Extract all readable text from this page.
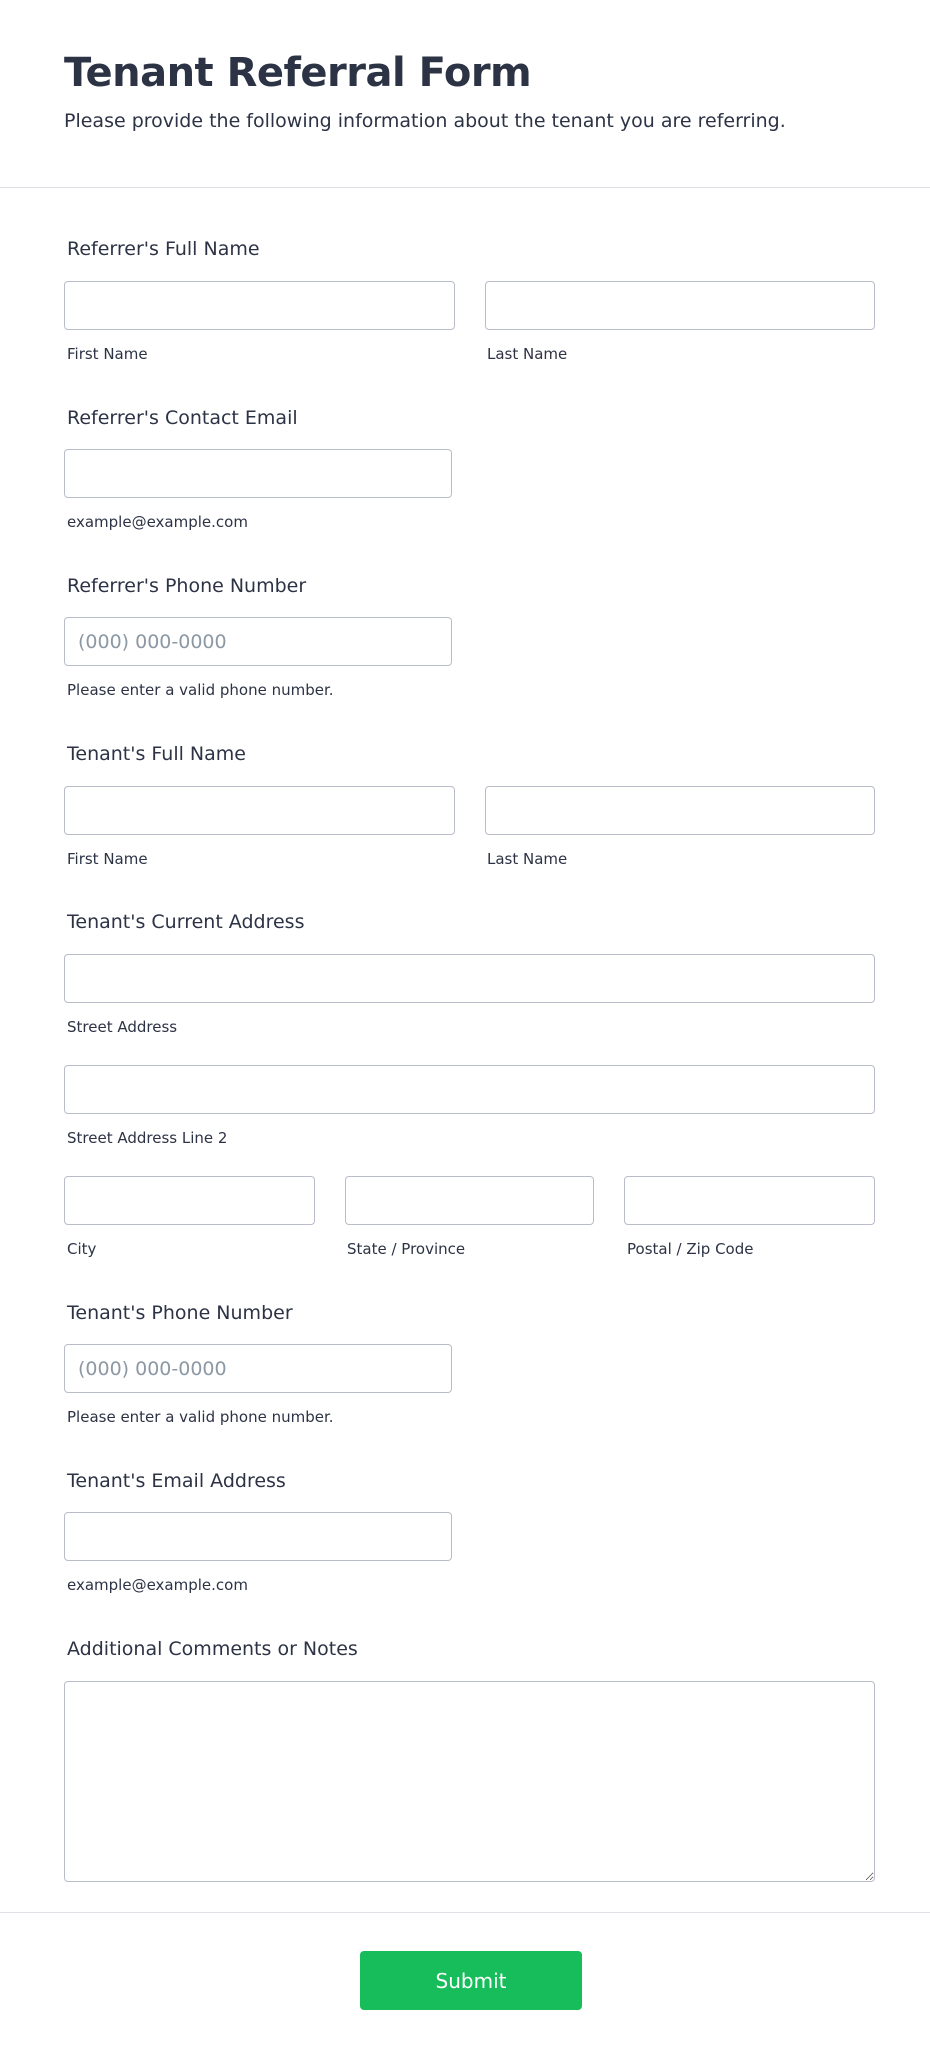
Tenant Referral Form

Please provide the following information about the tenant you are referring.

Referrer's Full Name
First Name	Last Name
Referrer's Contact Email
example@example.com
Referrer's Phone Number
(000) 000-0000
Please enter a valid phone number.
Tenant's Full Name
First Name	Last Name
Tenant's Current Address
Street Address
Street Address Line 2
City	State / Province	Postal / Zip Code
Tenant's Phone Number
(000) 000-0000
Please enter a valid phone number.
Tenant's Email Address
example@example.com
Additional Comments or Notes
Submit
